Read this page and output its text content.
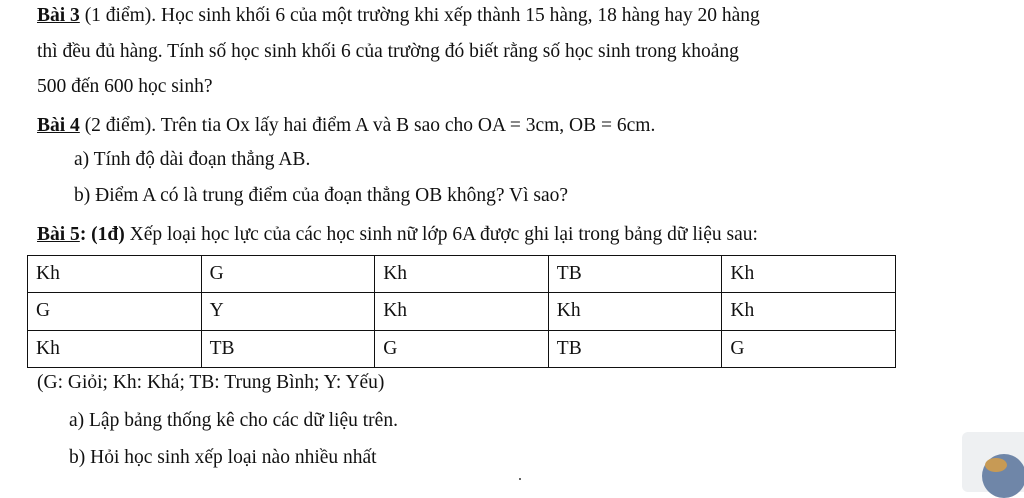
Bài 3 (1 điểm). Học sinh khối 6 của một trường khi xếp thành 15 hàng, 18 hàng hay 20 hàng
thì đều đủ hàng. Tính số học sinh khối 6 của trường đó biết rằng số học sinh trong khoảng
500 đến 600 học sinh?
Bài 4 (2 điểm). Trên tia Ox lấy hai điểm A và B sao cho OA = 3cm, OB = 6cm.
a) Tính độ dài đoạn thẳng AB.
b) Điểm A có là trung điểm của đoạn thẳng OB không? Vì sao?
Bài 5: (1đ) Xếp loại học lực của các học sinh nữ lớp 6A được ghi lại trong bảng dữ liệu sau:
Kh	G	Kh	TB	Kh
G	Y	Kh	Kh	Kh
Kh	TB	G	TB	G
(G: Giỏi; Kh: Khá; TB: Trung Bình; Y: Yếu)
a) Lập bảng thống kê cho các dữ liệu trên.
b) Hỏi học sinh xếp loại nào nhiều nhất
